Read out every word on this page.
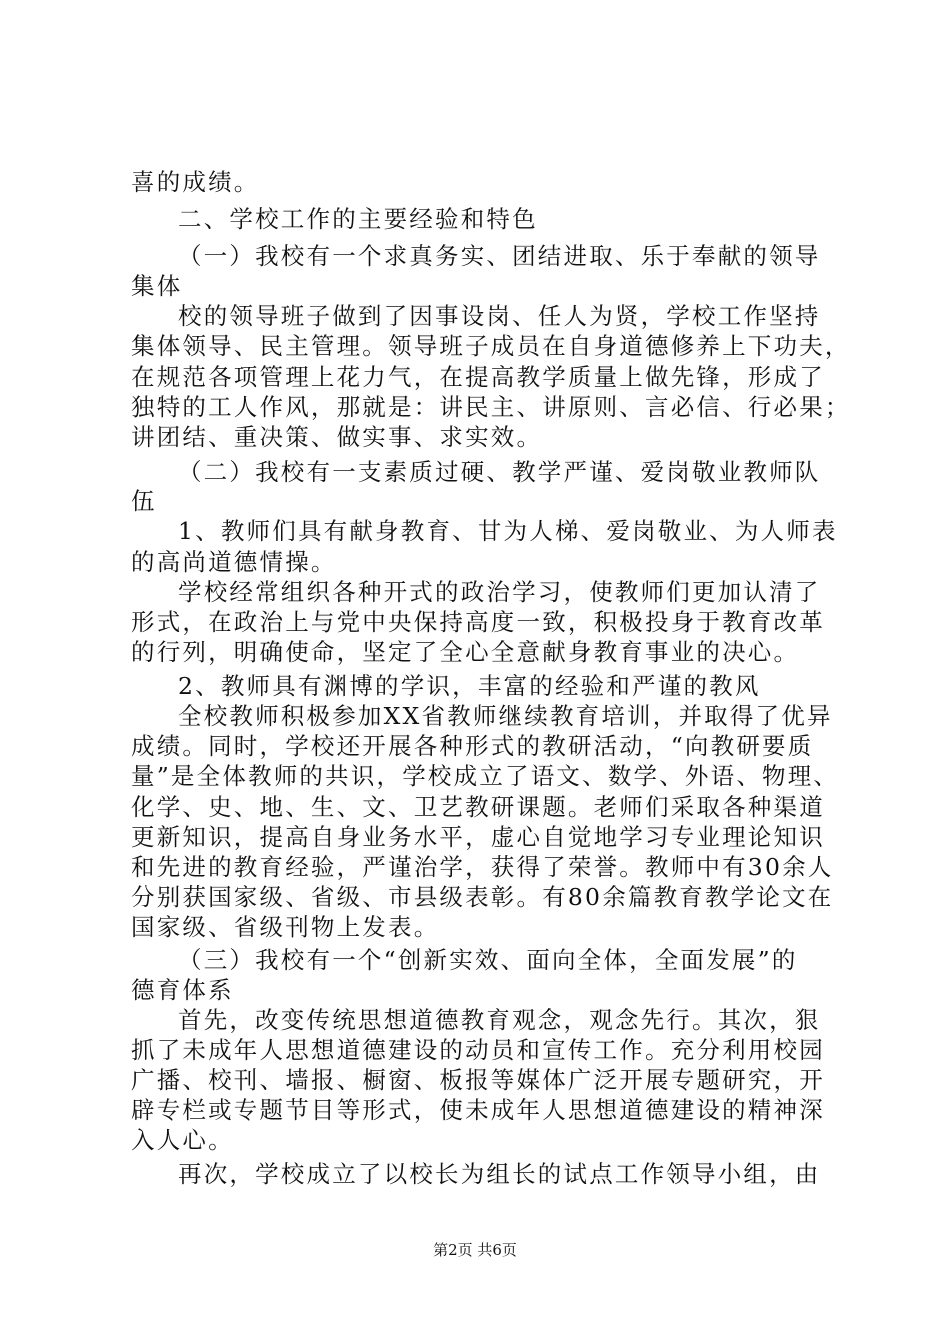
喜的成绩。
二、学校工作的主要经验和特色
（一）我校有一个求真务实、团结进取、乐于奉献的领导
集体
校的领导班子做到了因事设岗、任人为贤，学校工作坚持
集体领导、民主管理。领导班子成员在自身道德修养上下功夫，
在规范各项管理上花力气，在提高教学质量上做先锋，形成了
独特的工人作风，那就是：讲民主、讲原则、言必信、行必果；
讲团结、重决策、做实事、求实效。
（二）我校有一支素质过硬、教学严谨、爱岗敬业教师队
伍
1、教师们具有献身教育、甘为人梯、爱岗敬业、为人师表
的高尚道德情操。
学校经常组织各种开式的政治学习，使教师们更加认清了
形式，在政治上与党中央保持高度一致，积极投身于教育改革
的行列，明确使命，坚定了全心全意献身教育事业的决心。
2、教师具有渊博的学识，丰富的经验和严谨的教风
全校教师积极参加XX省教师继续教育培训，并取得了优异
成绩。同时，学校还开展各种形式的教研活动，“向教研要质
量”是全体教师的共识，学校成立了语文、数学、外语、物理、
化学、史、地、生、文、卫艺教研课题。老师们采取各种渠道
更新知识，提高自身业务水平，虚心自觉地学习专业理论知识
和先进的教育经验，严谨治学，获得了荣誉。教师中有30余人
分别获国家级、省级、市县级表彰。有80余篇教育教学论文在
国家级、省级刊物上发表。
（三）我校有一个“创新实效、面向全体，全面发展”的
德育体系
首先，改变传统思想道德教育观念，观念先行。其次，狠
抓了未成年人思想道德建设的动员和宣传工作。充分利用校园
广播、校刊、墙报、橱窗、板报等媒体广泛开展专题研究，开
辟专栏或专题节目等形式，使未成年人思想道德建设的精神深
入人心。
再次，学校成立了以校长为组长的试点工作领导小组，由
第2页 共6页
